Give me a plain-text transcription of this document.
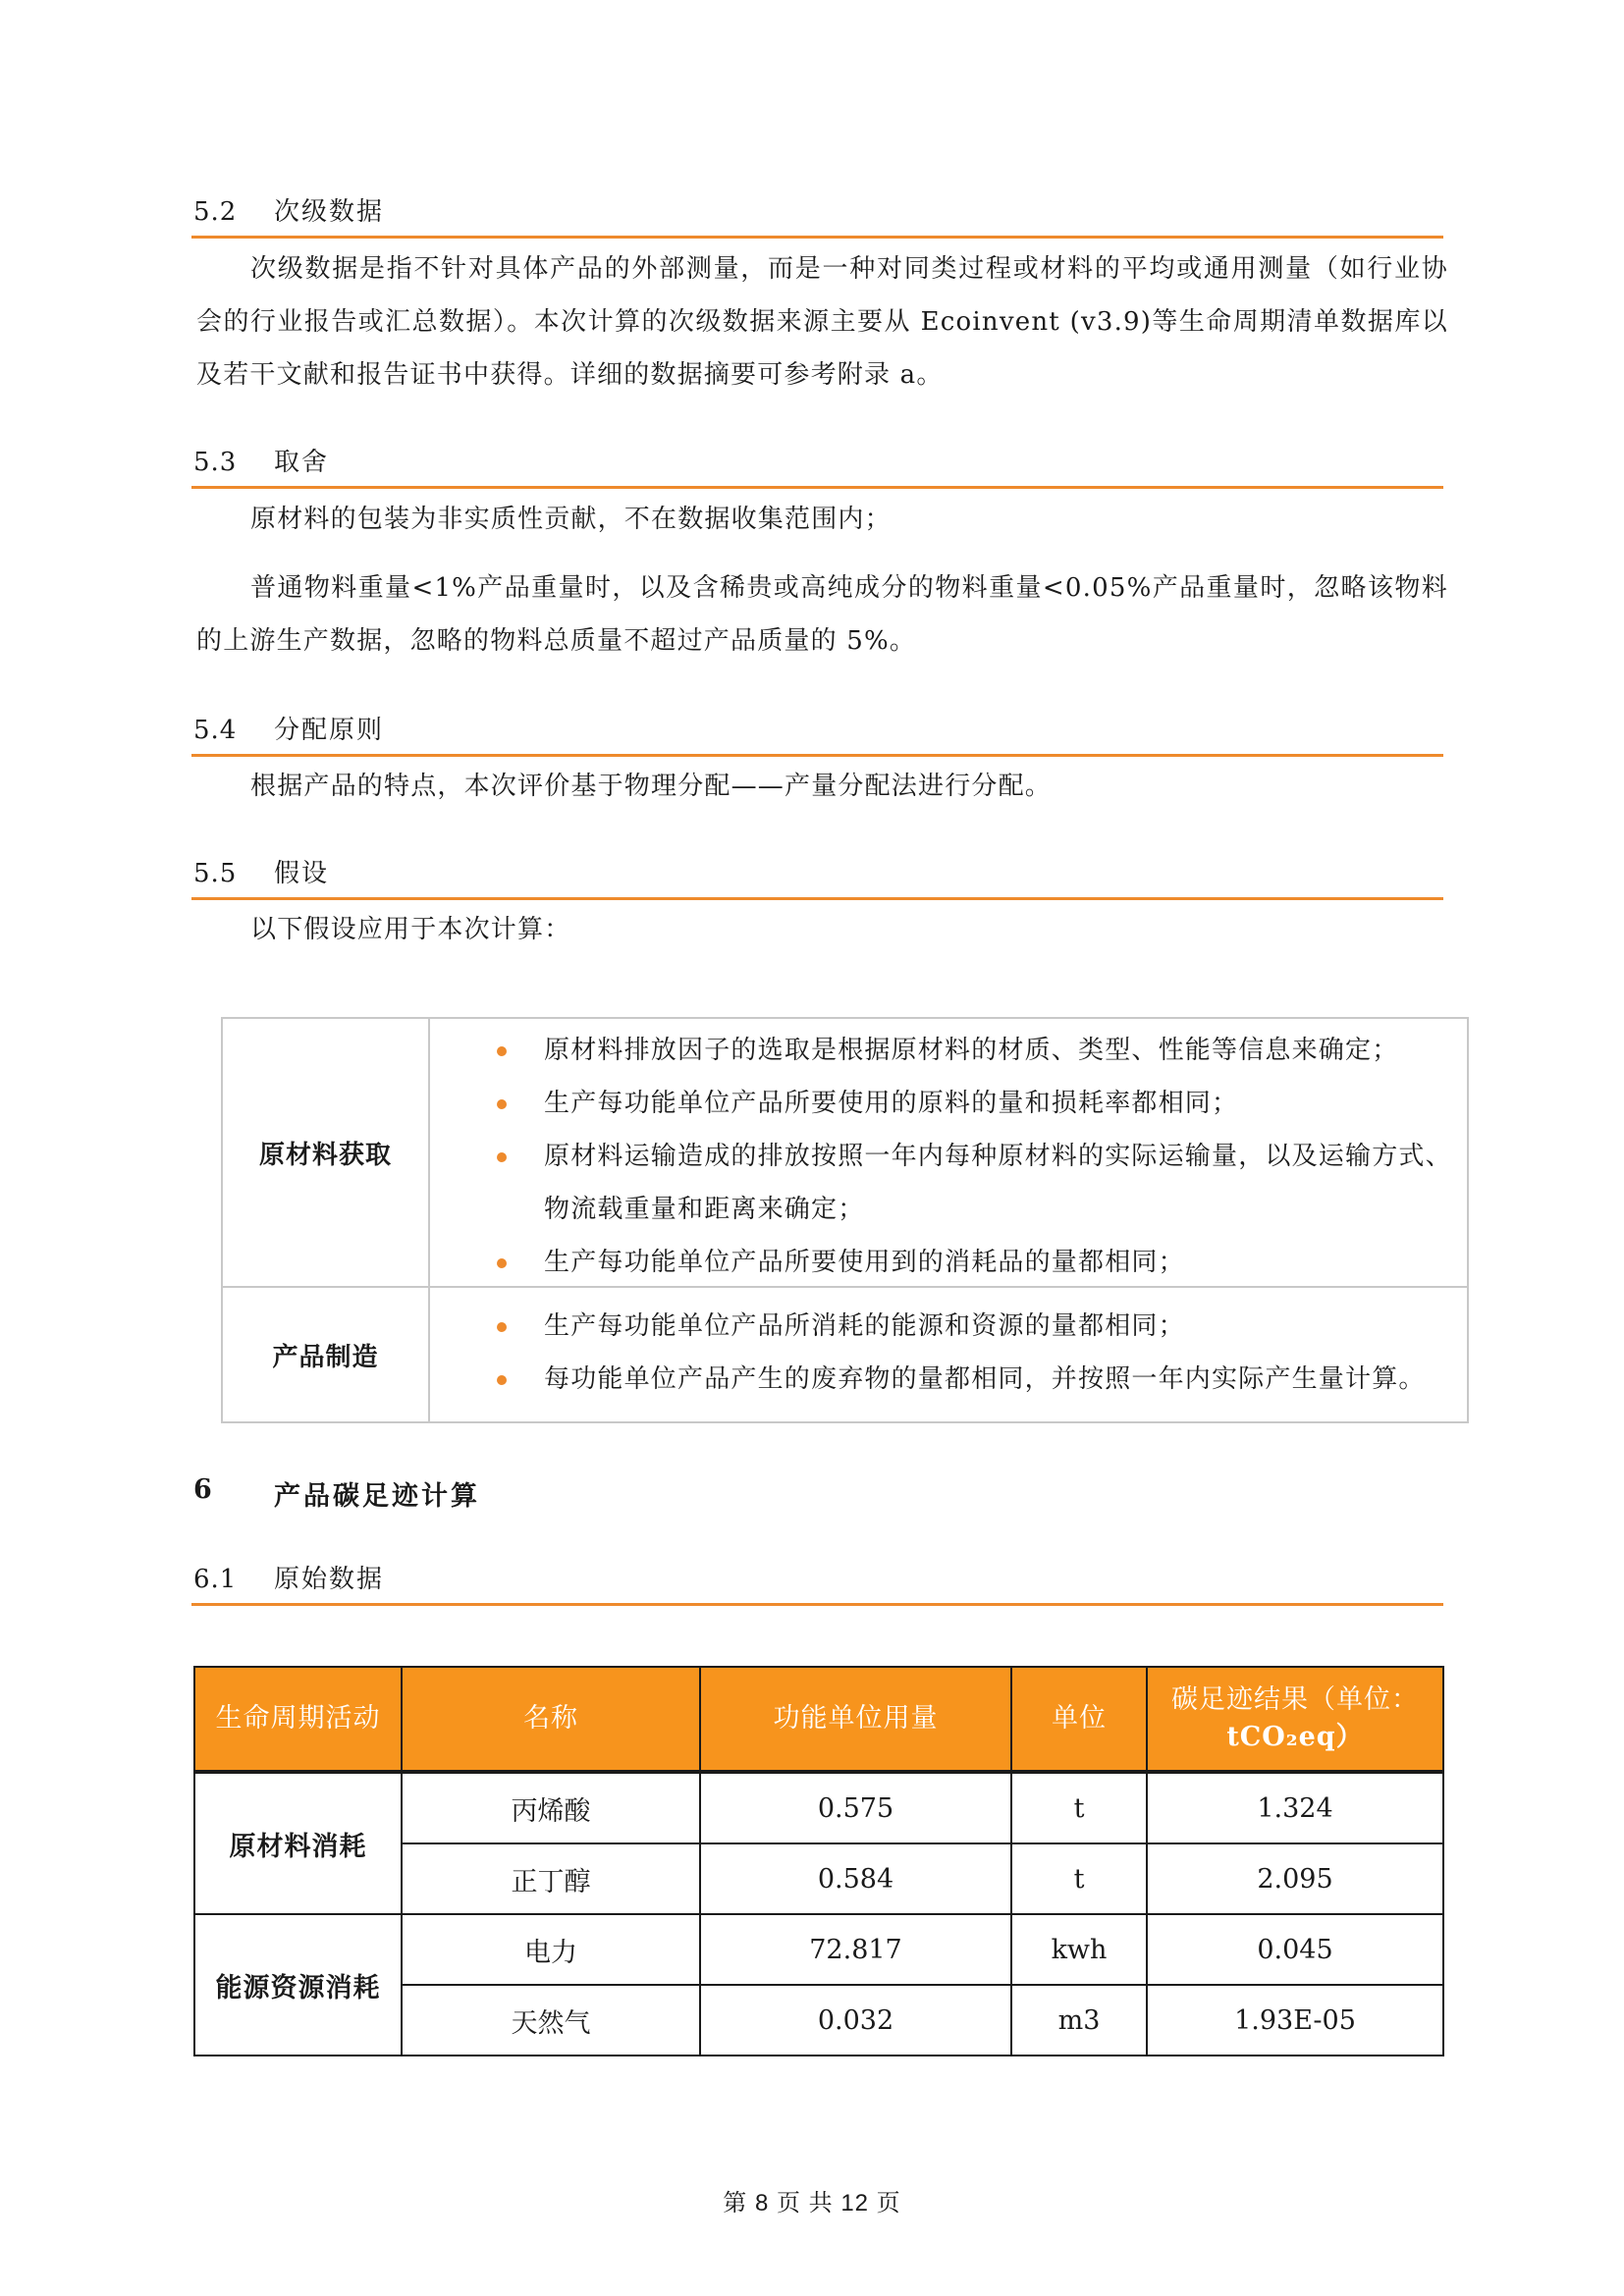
5.2 次级数据
次级数据是指不针对具体产品的外部测量，而是一种对同类过程或材料的平均或通用测量（如行业协会的行业报告或汇总数据）。本次计算的次级数据来源主要从 Ecoinvent (v3.9)等生命周期清单数据库以及若干文献和报告证书中获得。详细的数据摘要可参考附录 a。
5.3 取舍
原材料的包装为非实质性贡献，不在数据收集范围内；
普通物料重量<1%产品重量时，以及含稀贵或高纯成分的物料重量<0.05%产品重量时，忽略该物料的上游生产数据，忽略的物料总质量不超过产品质量的 5%。
5.4 分配原则
根据产品的特点，本次评价基于物理分配——产量分配法进行分配。
5.5 假设
以下假设应用于本次计算：
原材料获取
原材料排放因子的选取是根据原材料的材质、类型、性能等信息来确定；
生产每功能单位产品所要使用的原料的量和损耗率都相同；
原材料运输造成的排放按照一年内每种原材料的实际运输量，以及运输方式、物流载重量和距离来确定；
生产每功能单位产品所要使用到的消耗品的量都相同；
产品制造
生产每功能单位产品所消耗的能源和资源的量都相同；
每功能单位产品产生的废弃物的量都相同，并按照一年内实际产生量计算。
6 产品碳足迹计算
6.1 原始数据
生命周期活动	名称	功能单位用量	单位	碳足迹结果（单位：
tCO₂eq）
原材料消耗	丙烯酸	0.575	t	1.324
	正丁醇	0.584	t	2.095
能源资源消耗	电力	72.817	kwh	0.045
	天然气	0.032	m3	1.93E-05
第 8 页 共 12 页
